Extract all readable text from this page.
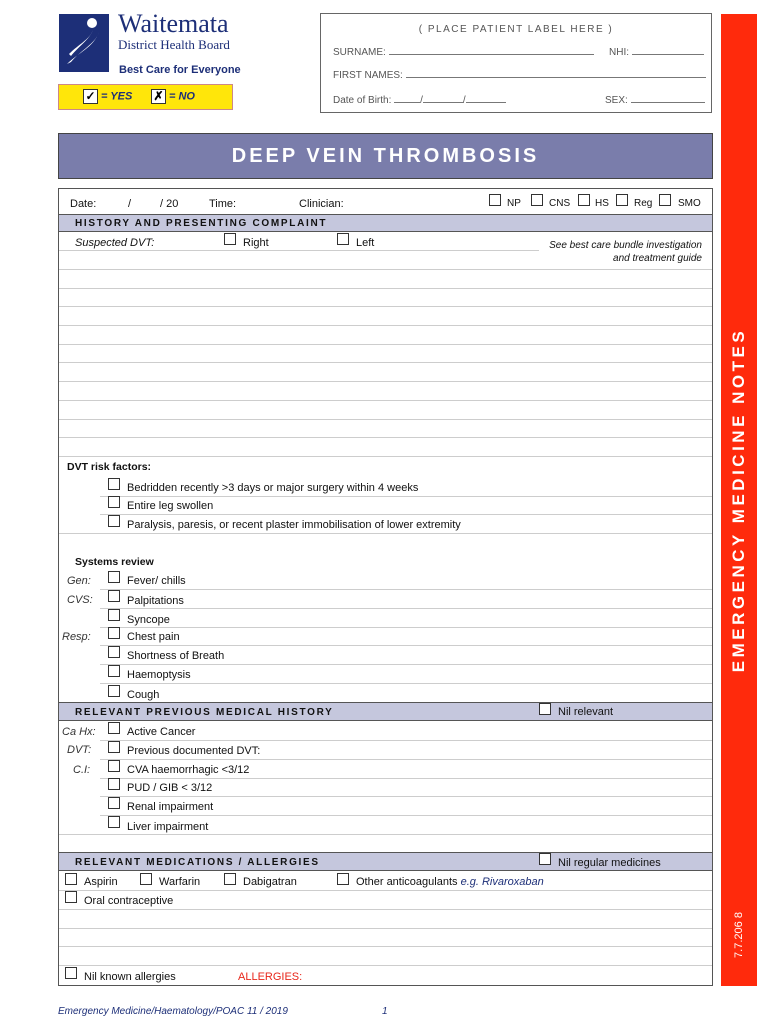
Waitemata
District Health Board
Best Care for Everyone
✓ = YES ✗ = NO
( PLACE PATIENT LABEL HERE )
SURNAME:	NHI:
FIRST NAMES:
Date of Birth:	/	/	SEX:
EMERGENCY MEDICINE NOTES
7.7.206 8
DEEP VEIN THROMBOSIS
Date:	/	/ 20	Time:	Clinician:	NP	CNS HS	Reg	SMO
HISTORY AND PRESENTING COMPLAINT
Suspected DVT:	Right	Left	See best care bundle investigation
and treatment guide
DVT risk factors:
Bedridden recently >3 days or major surgery within 4 weeks
Entire leg swollen
Paralysis, paresis, or recent plaster immobilisation of lower extremity
Systems review
Gen:	Fever/ chills
CVS:	Palpitations
Syncope
Resp:	Chest pain
Shortness of Breath
Haemoptysis
Cough
RELEVANT PREVIOUS MEDICAL HISTORY	Nil relevant
Ca Hx:	Active Cancer
DVT:	Previous documented DVT:
C.I:	CVA haemorrhagic <3/12
PUD / GIB < 3/12
Renal impairment
Liver impairment
RELEVANT MEDICATIONS / ALLERGIES	Nil regular medicines
Aspirin	Warfarin	Dabigatran	Other anticoagulants e.g. Rivaroxaban
Oral contraceptive
Nil known allergies	ALLERGIES:
Emergency Medicine/Haematology/POAC 11 / 2019	1
